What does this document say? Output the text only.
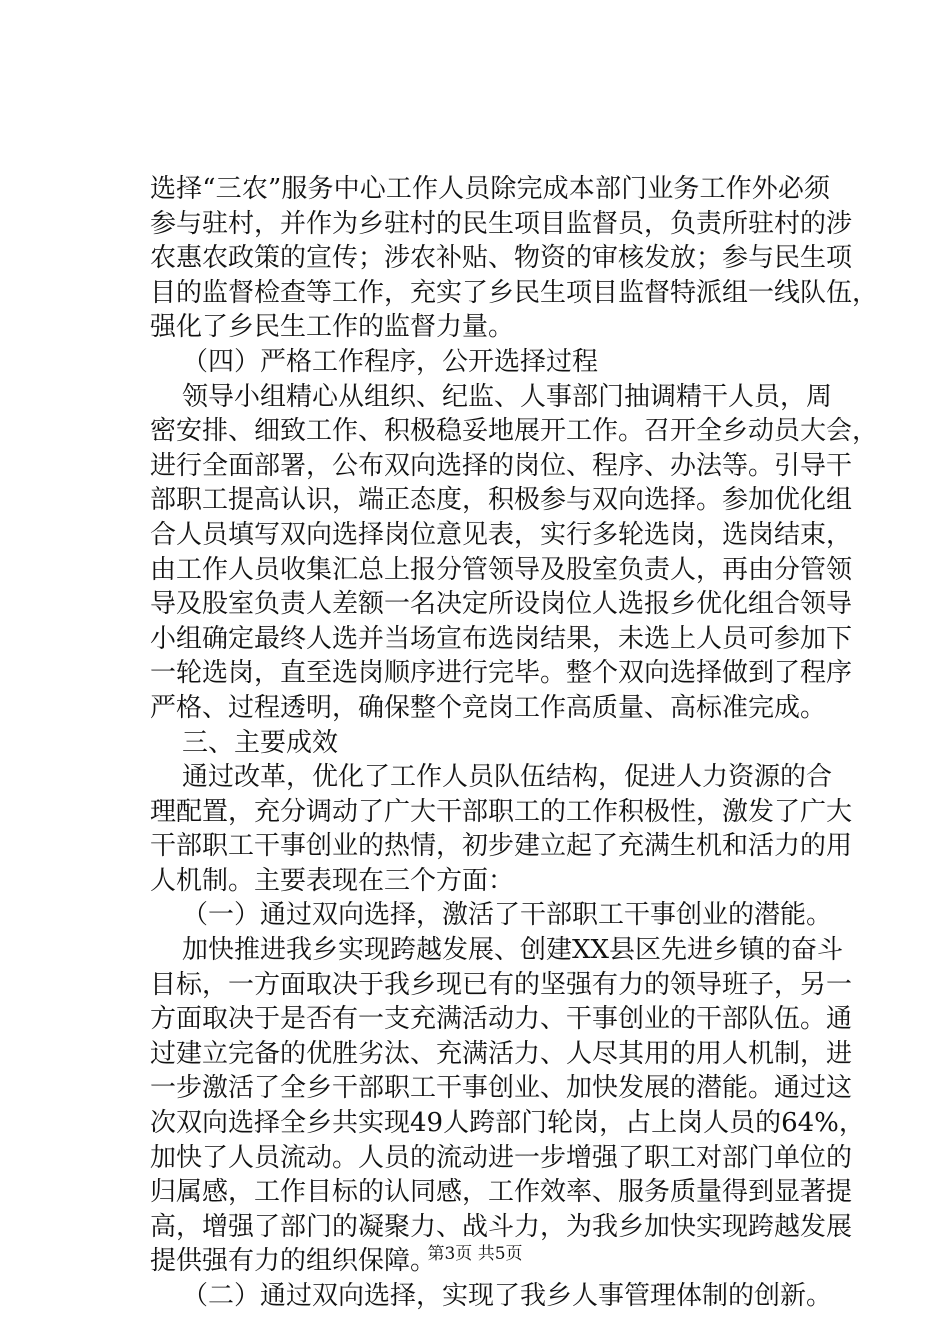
选择“三农”服务中心工作人员除完成本部门业务工作外必须
参与驻村，并作为乡驻村的民生项目监督员，负责所驻村的涉
农惠农政策的宣传；涉农补贴、物资的审核发放；参与民生项
目的监督检查等工作，充实了乡民生项目监督特派组一线队伍，
强化了乡民生工作的监督力量。
（四）严格工作程序，公开选择过程
领导小组精心从组织、纪监、人事部门抽调精干人员，周
密安排、细致工作、积极稳妥地展开工作。召开全乡动员大会，
进行全面部署，公布双向选择的岗位、程序、办法等。引导干
部职工提高认识，端正态度，积极参与双向选择。参加优化组
合人员填写双向选择岗位意见表，实行多轮选岗，选岗结束，
由工作人员收集汇总上报分管领导及股室负责人，再由分管领
导及股室负责人差额一名决定所设岗位人选报乡优化组合领导
小组确定最终人选并当场宣布选岗结果，未选上人员可参加下
一轮选岗，直至选岗顺序进行完毕。整个双向选择做到了程序
严格、过程透明，确保整个竞岗工作高质量、高标准完成。
三、主要成效
通过改革，优化了工作人员队伍结构，促进人力资源的合
理配置，充分调动了广大干部职工的工作积极性，激发了广大
干部职工干事创业的热情，初步建立起了充满生机和活力的用
人机制。主要表现在三个方面：
（一）通过双向选择，激活了干部职工干事创业的潜能。
加快推进我乡实现跨越发展、创建XX县区先进乡镇的奋斗
目标，一方面取决于我乡现已有的坚强有力的领导班子，另一
方面取决于是否有一支充满活动力、干事创业的干部队伍。通
过建立完备的优胜劣汰、充满活力、人尽其用的用人机制，进
一步激活了全乡干部职工干事创业、加快发展的潜能。通过这
次双向选择全乡共实现49人跨部门轮岗，占上岗人员的64%，
加快了人员流动。人员的流动进一步增强了职工对部门单位的
归属感，工作目标的认同感，工作效率、服务质量得到显著提
高，增强了部门的凝聚力、战斗力，为我乡加快实现跨越发展
提供强有力的组织保障。
（二）通过双向选择，实现了我乡人事管理体制的创新。
第3页 共5页
